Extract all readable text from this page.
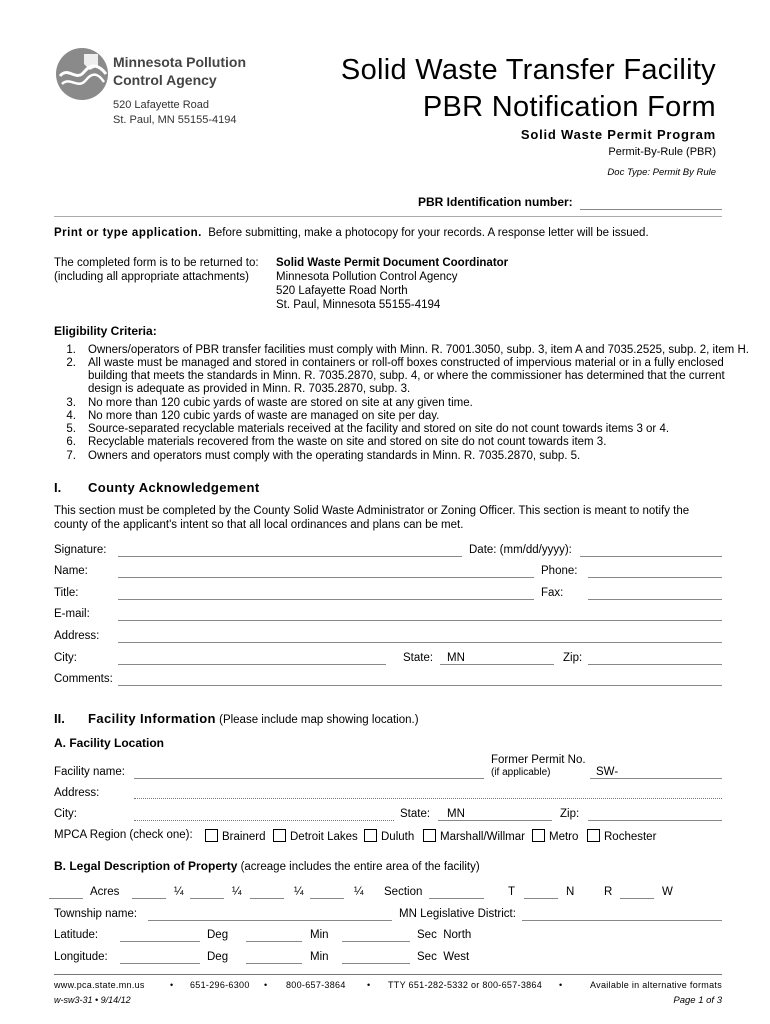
Minnesota Pollution
Control Agency
520 Lafayette Road
St. Paul, MN 55155-4194
Solid Waste Transfer Facility
PBR Notification Form
Solid Waste Permit Program
Permit-By-Rule (PBR)
Doc Type: Permit By Rule
PBR Identification number:
Print or type application. Before submitting, make a photocopy for your records. A response letter will be issued.
The completed form is to be returned to:
(including all appropriate attachments)
Solid Waste Permit Document Coordinator
Minnesota Pollution Control Agency
520 Lafayette Road North
St. Paul, Minnesota 55155-4194
Eligibility Criteria:
1. Owners/operators of PBR transfer facilities must comply with Minn. R. 7001.3050, subp. 3, item A and 7035.2525, subp. 2, item H.
2. All waste must be managed and stored in containers or roll-off boxes constructed of impervious material or in a fully enclosed
building that meets the standards in Minn. R. 7035.2870, subp. 4, or where the commissioner has determined that the current
design is adequate as provided in Minn. R. 7035.2870, subp. 3.
3. No more than 120 cubic yards of waste are stored on site at any given time.
4. No more than 120 cubic yards of waste are managed on site per day.
5. Source-separated recyclable materials received at the facility and stored on site do not count towards items 3 or 4.
6. Recyclable materials recovered from the waste on site and stored on site do not count towards item 3.
7. Owners and operators must comply with the operating standards in Minn. R. 7035.2870, subp. 5.
I. County Acknowledgement
This section must be completed by the County Solid Waste Administrator or Zoning Officer. This section is meant to notify the
county of the applicant's intent so that all local ordinances and plans can be met.
Signature:	Date: (mm/dd/yyyy):
Name:	Phone:
Title:	Fax:
E-mail:
Address:
City:	State: MN	Zip:
Comments:
II. Facility Information (Please include map showing location.)
A. Facility Location
Facility name:
Former Permit No.
(if applicable)	SW-
Address:
City:	State: MN	Zip:
MPCA Region (check one):	Brainerd	Detroit Lakes	Duluth	Marshall/Willmar	Metro	Rochester
B. Legal Description of Property (acreage includes the entire area of the facility)
Acres	¼	¼	¼	¼ Section	T	N	R	W
Township name:	MN Legislative District:
Latitude:	Deg	Min	Sec  North
Longitude:	Deg	Min	Sec  West
www.pca.state.mn.us	• 651-296-6300 • 800-657-3864 • TTY 651-282-5332 or 800-657-3864 •	Available in alternative formats
w-sw3-31 • 9/14/12	Page 1 of 3
